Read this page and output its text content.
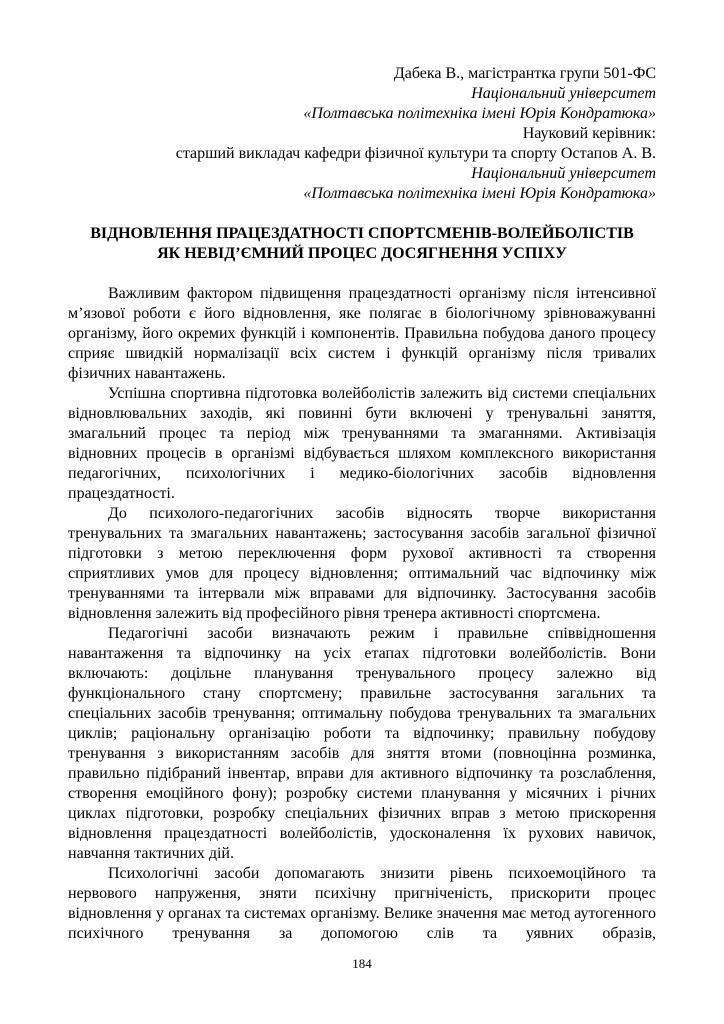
Дабека В., магістрантка групи 501-ФС
Національний університет
«Полтавська політехніка імені Юрія Кондратюка»
Науковий керівник:
старший викладач кафедри фізичної культури та спорту Остапов А. В.
Національний університет
«Полтавська політехніка імені Юрія Кондратюка»
ВІДНОВЛЕННЯ ПРАЦЕЗДАТНОСТІ СПОРТСМЕНІВ-ВОЛЕЙБОЛІСТІВ
ЯК НЕВІД’ЄМНИЙ ПРОЦЕС ДОСЯГНЕННЯ УСПІХУ

Важливим фактором підвищення працездатності організму після інтенсивної м’язової роботи є його відновлення, яке полягає в біологічному зрівноважуванні організму, його окремих функцій і компонентів. Правильна побудова даного процесу сприяє швидкій нормалізації всіх систем і функцій організму після тривалих фізичних навантажень.

Успішна спортивна підготовка волейболістів залежить від системи спеціальних відновлювальних заходів, які повинні бути включені у тренувальні заняття, змагальний процес та період між тренуваннями та змаганнями. Активізація відновних процесів в організмі відбувається шляхом комплексного використання педагогічних, психологічних і медико-біологічних засобів відновлення працездатності.

До психолого-педагогічних засобів відносять творче використання тренувальних та змагальних навантажень; застосування засобів загальної фізичної підготовки з метою переключення форм рухової активності та створення сприятливих умов для процесу відновлення; оптимальний час відпочинку між тренуваннями та інтервали між вправами для відпочинку. Застосування засобів відновлення залежить від професійного рівня тренера активності спортсмена.

Педагогічні засоби визначають режим і правильне співвідношення навантаження та відпочинку на усіх етапах підготовки волейболістів. Вони включають: доцільне планування тренувального процесу залежно від функціонального стану спортсмену; правильне застосування загальних та спеціальних засобів тренування; оптимальну побудова тренувальних та змагальних циклів; раціональну організацію роботи та відпочинку; правильну побудову тренування з використанням засобів для зняття втоми (повноцінна розминка, правильно підібраний інвентар, вправи для активного відпочинку та розслаблення, створення емоційного фону); розробку системи планування у місячних і річних циклах підготовки, розробку спеціальних фізичних вправ з метою прискорення відновлення працездатності волейболістів, удосконалення їх рухових навичок, навчання тактичних дій.

Психологічні засоби допомагають знизити рівень психоемоційного та нервового напруження, зняти психічну пригніченість, прискорити процес відновлення у органах та системах організму. Велике значення має метод аутогенного психічного тренування за допомогою слів та уявних образів,

184
